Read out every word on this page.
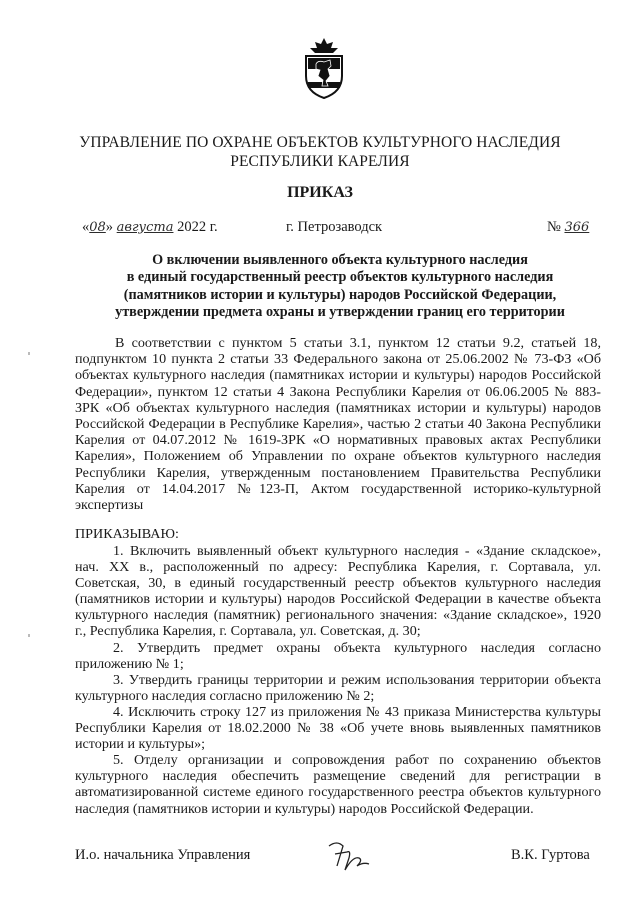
УПРАВЛЕНИЕ ПО ОХРАНЕ ОБЪЕКТОВ КУЛЬТУРНОГО НАСЛЕДИЯ
РЕСПУБЛИКИ КАРЕЛИЯ
ПРИКАЗ
«08» августа 2022 г.	г. Петрозаводск	№ 366
О включении выявленного объекта культурного наследия
в единый государственный реестр объектов культурного наследия
(памятников истории и культуры) народов Российской Федерации,
утверждении предмета охраны и утверждении границ его территории
В соответствии с пунктом 5 статьи 3.1, пунктом 12 статьи 9.2, статьей 18, подпунктом 10 пункта 2 статьи 33 Федерального закона от 25.06.2002 № 73-ФЗ «Об объектах культурного наследия (памятниках истории и культуры) народов Российской Федерации», пунктом 12 статьи 4 Закона Республики Карелия от 06.06.2005 № 883-ЗРК «Об объектах культурного наследия (памятниках истории и культуры) народов Российской Федерации в Республике Карелия», частью 2 статьи 40 Закона Республики Карелия от 04.07.2012 № 1619-ЗРК «О нормативных правовых актах Республики Карелия», Положением об Управлении по охране объектов культурного наследия Республики Карелия, утвержденным постановлением Правительства Республики Карелия от 14.04.2017 №123-П, Актом государственной историко-культурной экспертизы
ПРИКАЗЫВАЮ:

1. Включить выявленный объект культурного наследия - «Здание складское», нач. XX в., расположенный по адресу: Республика Карелия, г. Сортавала, ул. Советская, 30, в единый государственный реестр объектов культурного наследия (памятников истории и культуры) народов Российской Федерации в качестве объекта культурного наследия (памятник) регионального значения: «Здание складское», 1920 г., Республика Карелия, г. Сортавала, ул. Советская, д. 30;

2. Утвердить предмет охраны объекта культурного наследия согласно приложению № 1;

3. Утвердить границы территории и режим использования территории объекта культурного наследия согласно приложению № 2;

4. Исключить строку 127 из приложения № 43 приказа Министерства культуры Республики Карелия от 18.02.2000 № 38 «Об учете вновь выявленных памятников истории и культуры»;

5. Отделу организации и сопровождения работ по сохранению объектов культурного наследия обеспечить размещение сведений для регистрации в автоматизированной системе единого государственного реестра объектов культурного наследия (памятников истории и культуры) народов Российской Федерации.

И.о. начальника Управления	В.К. Гуртова
